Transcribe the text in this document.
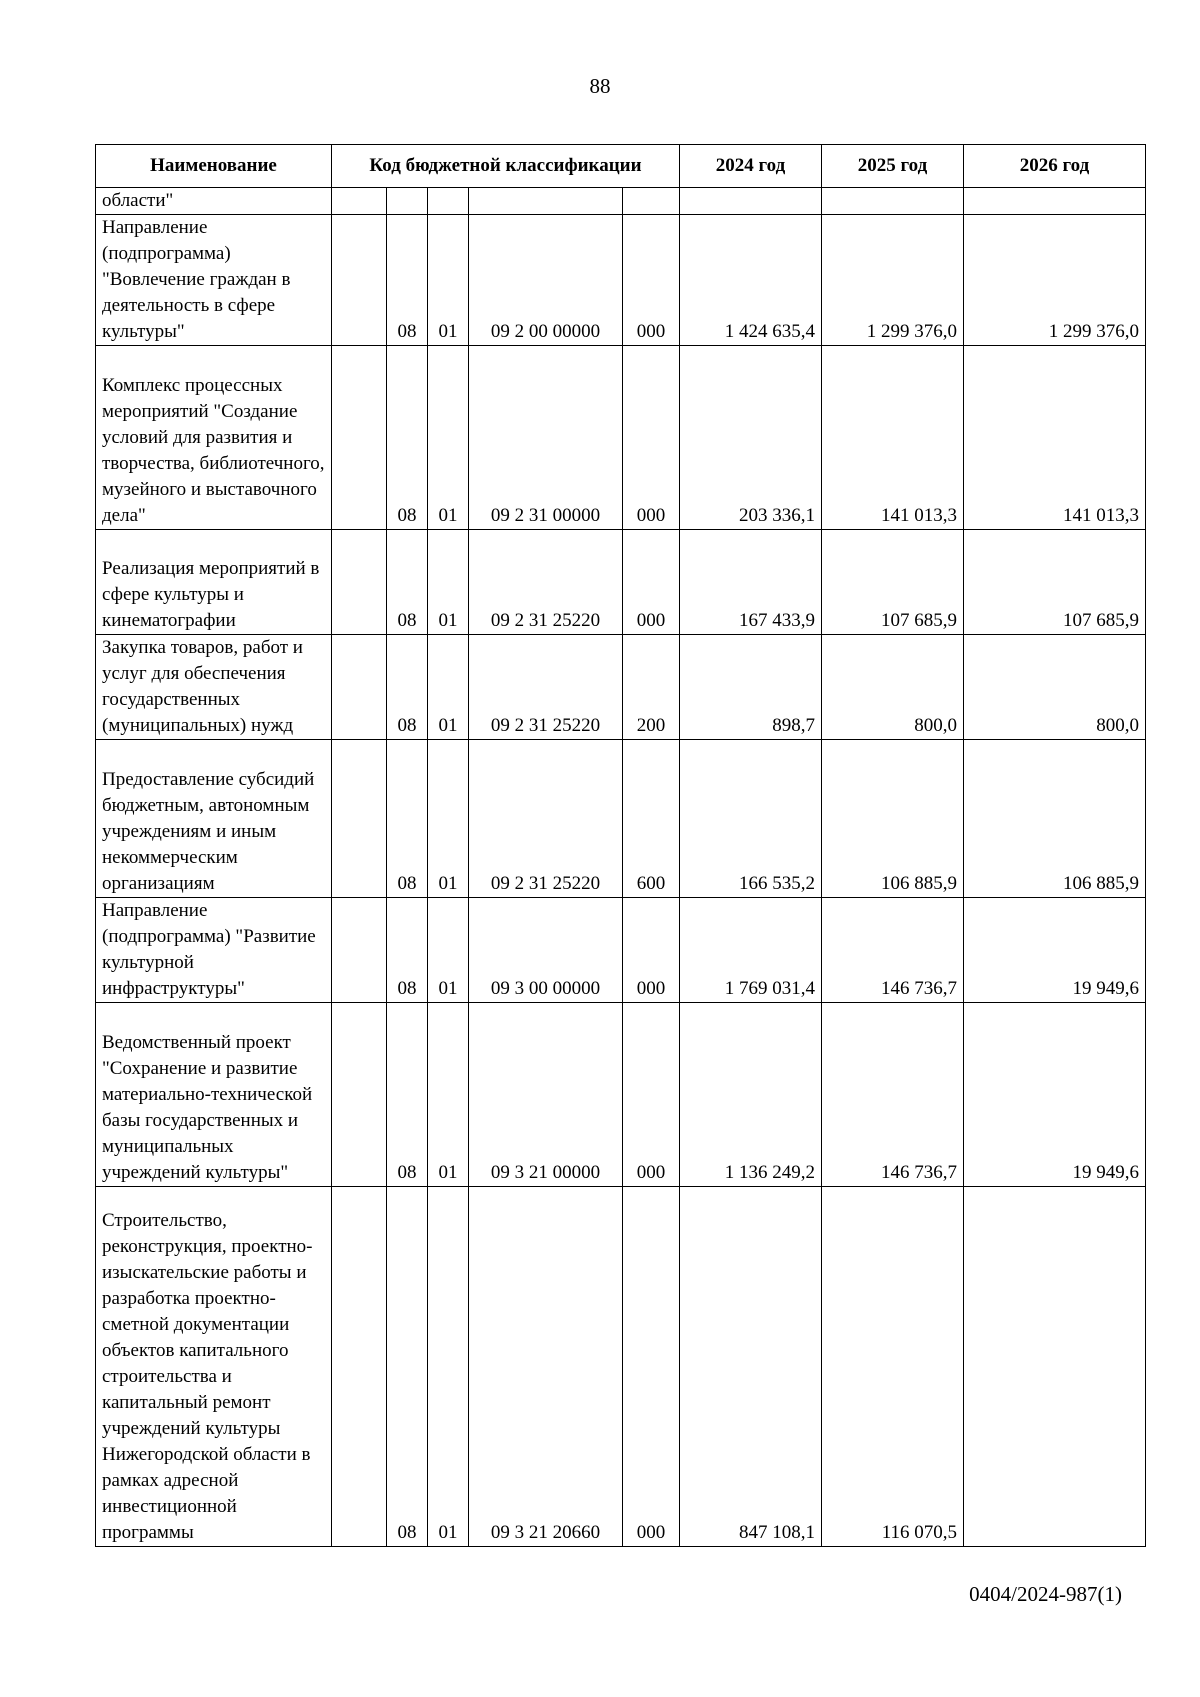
88
Наименование	Код бюджетной классификации					2024 год	2025 год	2026 год
области"								
Направление (подпрограмма) "Вовлечение граждан в деятельность в сфере культуры"		08	01	09 2 00 00000	000	1 424 635,4	1 299 376,0	1 299 376,0
Комплекс процессных мероприятий "Создание условий для развития и творчества, библиотечного, музейного и выставочного дела"		08	01	09 2 31 00000	000	203 336,1	141 013,3	141 013,3
Реализация мероприятий в сфере культуры и кинематографии		08	01	09 2 31 25220	000	167 433,9	107 685,9	107 685,9
Закупка товаров, работ и услуг для обеспечения государственных (муниципальных) нужд		08	01	09 2 31 25220	200	898,7	800,0	800,0
Предоставление субсидий бюджетным, автономным учреждениям и иным некоммерческим организациям		08	01	09 2 31 25220	600	166 535,2	106 885,9	106 885,9
Направление (подпрограмма) "Развитие культурной инфраструктуры"		08	01	09 3 00 00000	000	1 769 031,4	146 736,7	19 949,6
Ведомственный проект "Сохранение и развитие материально-технической базы государственных и муниципальных учреждений культуры"		08	01	09 3 21 00000	000	1 136 249,2	146 736,7	19 949,6
Строительство, реконструкция, проектно-изыскательские работы и разработка проектно-сметной документации объектов капитального строительства и капитальный ремонт учреждений культуры Нижегородской области в рамках адресной инвестиционной программы		08	01	09 3 21 20660	000	847 108,1	116 070,5	
0404/2024-987(1)
